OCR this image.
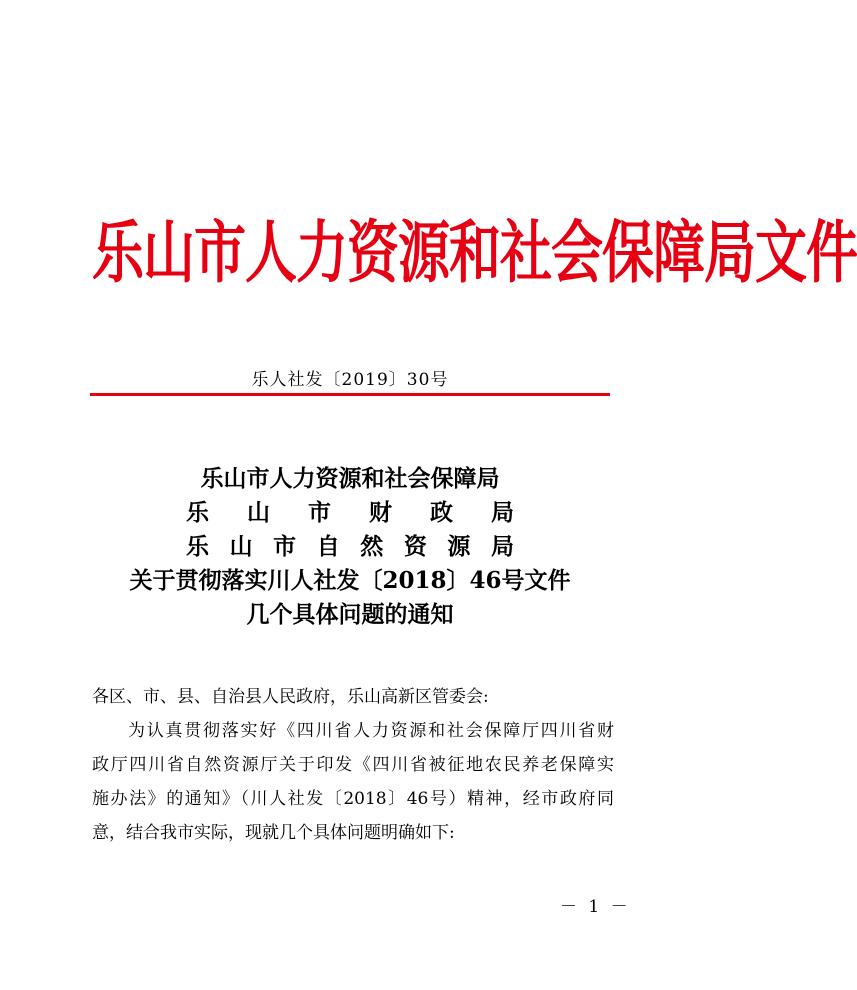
乐山市人力资源和社会保障局文件
乐人社发〔2019〕30号
乐山市人力资源和社会保障局
乐 山 市 财 政 局
乐 山 市 自 然 资 源 局
关于贯彻落实川人社发〔2018〕46号文件
几个具体问题的通知
各区、市、县、自治县人民政府，乐山高新区管委会:
为认真贯彻落实好《四川省人力资源和社会保障厅四川省财
政厅四川省自然资源厅关于印发《四川省被征地农民养老保障实
施办法》的通知》（川人社发〔2018〕46号）精神，经市政府同
意，结合我市实际，现就几个具体问题明确如下:
－ 1 －
